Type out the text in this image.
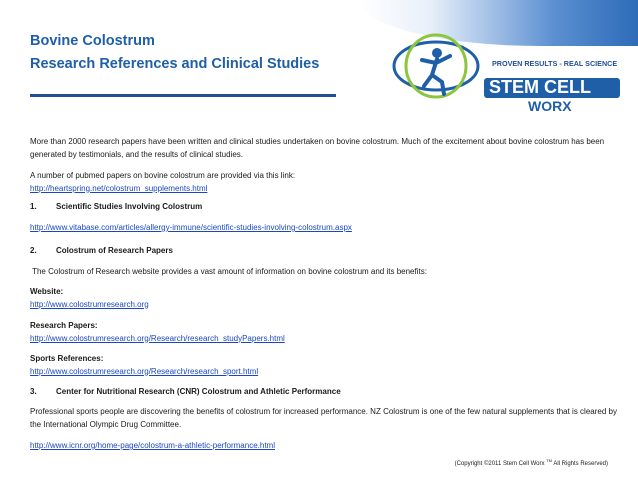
Bovine Colostrum
Research References and Clinical Studies	PROVEN RESULTS - REAL SCIENCE
STEM CELL
WORX

More than 2000 research papers have been written and clinical studies undertaken on bovine colostrum. Much of the excitement about bovine colostrum has been generated by testimonials, and the results of clinical studies.

A number of pubmed papers on bovine colostrum are provided via this link:
http://heartspring.net/colostrum_supplements.html

1. Scientific Studies Involving Colostrum

http://www.vitabase.com/articles/allergy-immune/scientific-studies-involving-colostrum.aspx

2. Colostrum of Research Papers

The Colostrum of Research website provides a vast amount of information on bovine colostrum and its benefits:

Website:
http://www.colostrumresearch.org

Research Papers:
http://www.colostrumresearch.org/Research/research_studyPapers.html

Sports References:
http://www.colostrumresearch.org/Research/research_sport.html

3. Center for Nutritional Research (CNR) Colostrum and Athletic Performance

Professional sports people are discovering the benefits of colostrum for increased performance. NZ Colostrum is one of the few natural supplements that is cleared by the International Olympic Drug Committee.

http://www.icnr.org/home-page/colostrum-a-athletic-performance.html

(Copyright ©2011 Stem Cell Worx ™ All Rights Reserved)
